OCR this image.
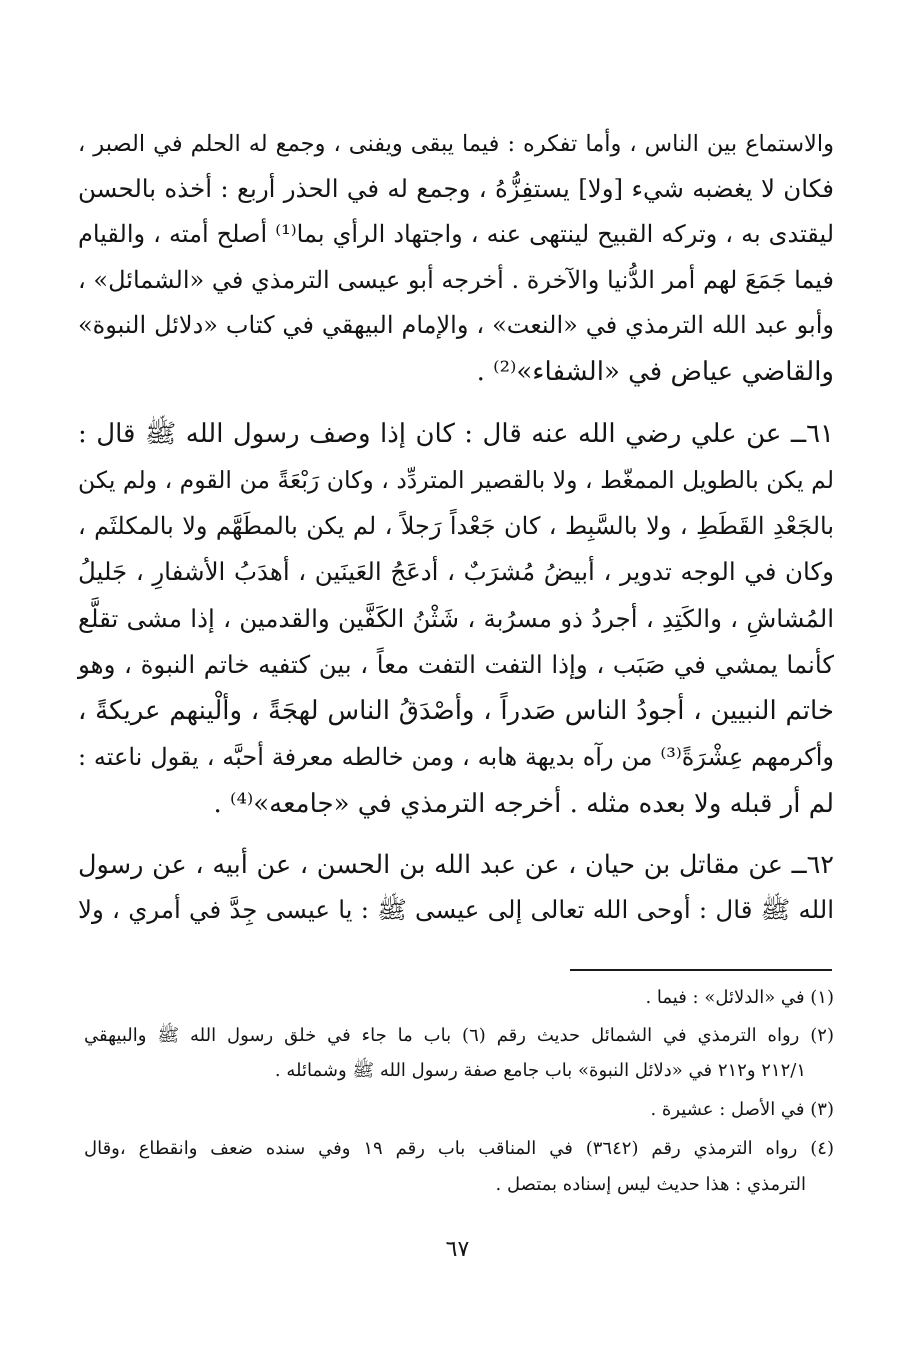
والاستماع بين الناس ، وأما تفكره : فيما يبقى ويفنى ، وجمع له الحلم في الصبر ،
فكان لا يغضبه شيء [ولا] يستفِزُّهُ ، وجمع له في الحذر أربع : أخذه بالحسن
ليقتدى به ، وتركه القبيح لينتهى عنه ، واجتهاد الرأي بما⁽¹⁾ أصلح أمته ، والقيام
فيما جَمَعَ لهم أمر الدُّنيا والآخرة . أخرجه أبو عيسى الترمذي في «الشمائل» ،
وأبو عبد الله الترمذي في «النعت» ، والإمام البيهقي في كتاب «دلائل النبوة»
والقاضي عياض في «الشفاء»⁽²⁾ .
٦١ــ عن علي رضي الله عنه قال : كان إذا وصف رسول الله ﷺ قال :
لم يكن بالطويل الممغّط ، ولا بالقصير المتردِّد ، وكان رَبْعَةً من القوم ، ولم يكن
بالجَعْدِ القَطَطِ ، ولا بالسَّبِط ، كان جَعْداً رَجلاً ، لم يكن بالمطَهَّم ولا بالمكلثَم ،
وكان في الوجه تدوير ، أبيضُ مُشرَبٌ ، أدعَجُ العَينَين ، أهدَبُ الأشفارِ ، جَليلُ
المُشاشِ ، والكَتِدِ ، أجردُ ذو مسرُبة ، شَثْنُ الكَفَّين والقدمين ، إذا مشى تقلَّع
كأنما يمشي في صَبَب ، وإذا التفت التفت معاً ، بين كتفيه خاتم النبوة ، وهو
خاتم النبيين ، أجودُ الناس صَدراً ، وأصْدَقُ الناس لهجَةً ، وألْينهم عريكةً ،
وأكرمهم عِشْرَةً⁽³⁾ من رآه بديهة هابه ، ومن خالطه معرفة أحبَّه ، يقول ناعته :
لم أر قبله ولا بعده مثله . أخرجه الترمذي في «جامعه»⁽⁴⁾ .
٦٢ــ عن مقاتل بن حيان ، عن عبد الله بن الحسن ، عن أبيه ، عن رسول
الله ﷺ قال : أوحى الله تعالى إلى عيسى ﷺ : يا عيسى جِدَّ في أمري ، ولا
(١) في «الدلائل» : فيما .
(٢) رواه الترمذي في الشمائل حديث رقم (٦) باب ما جاء في خلق رسول الله ﷺ والبيهقي
٢١٢/١ و٢١٢ في «دلائل النبوة» باب جامع صفة رسول الله ﷺ وشمائله .
(٣) في الأصل : عشيرة .
(٤) رواه الترمذي رقم (٣٦٤٢) في المناقب باب رقم ١٩ وفي سنده ضعف وانقطاع ،وقال
الترمذي : هذا حديث ليس إسناده بمتصل .
٦٧
